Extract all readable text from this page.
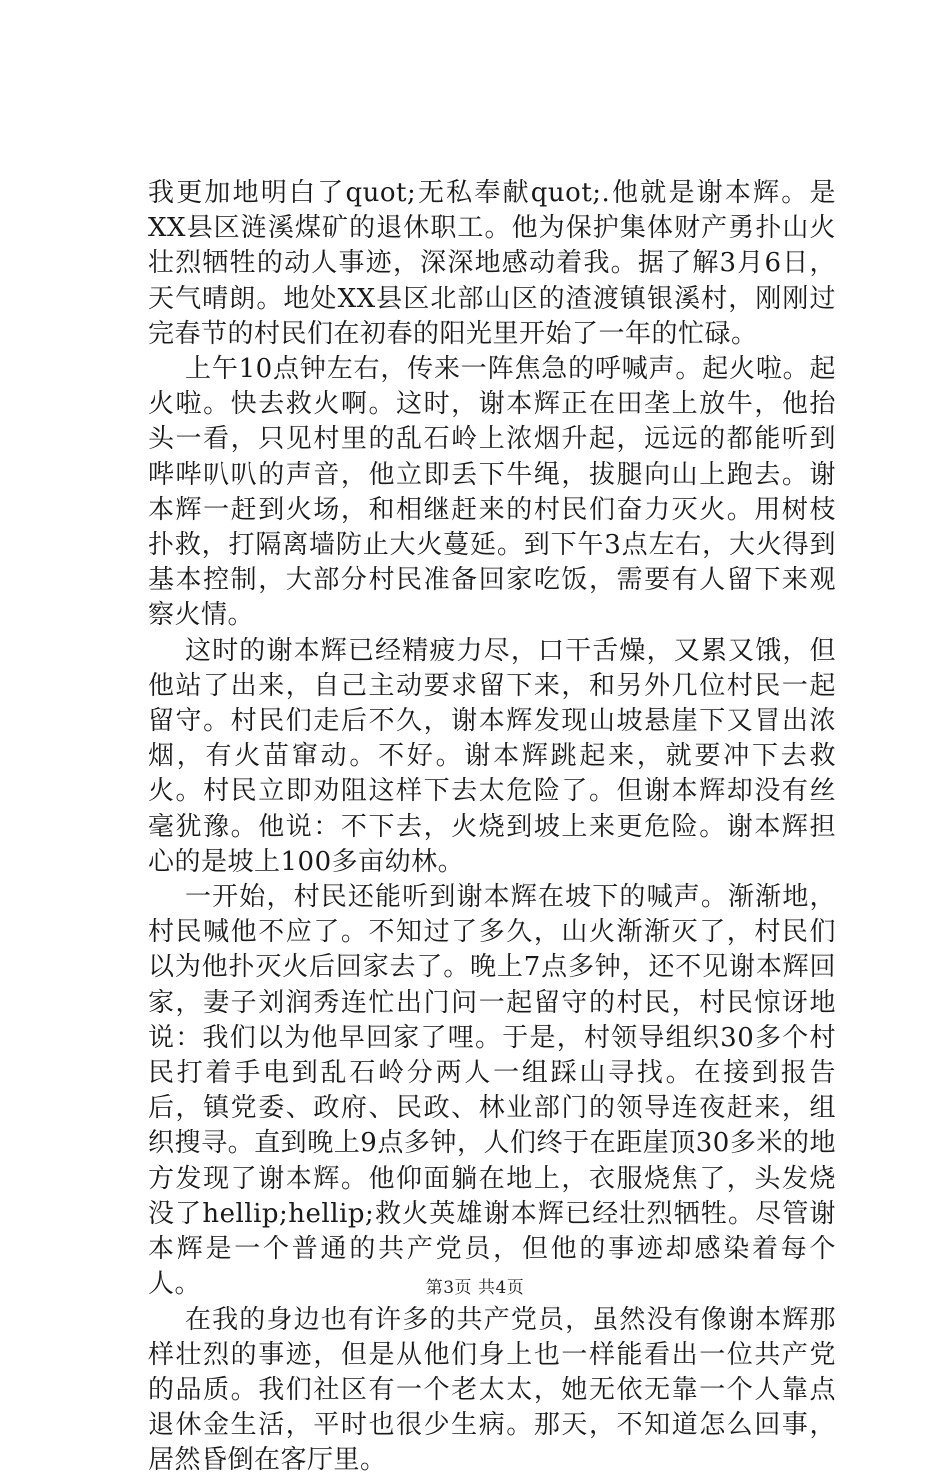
我更加地明白了quot;无私奉献quot;.他就是谢本辉。是XX县区涟溪煤矿的退休职工。他为保护集体财产勇扑山火壮烈牺牲的动人事迹，深深地感动着我。据了解3月6日，天气晴朗。地处XX县区北部山区的渣渡镇银溪村，刚刚过完春节的村民们在初春的阳光里开始了一年的忙碌。

上午10点钟左右，传来一阵焦急的呼喊声。起火啦。起火啦。快去救火啊。这时，谢本辉正在田垄上放牛，他抬头一看，只见村里的乱石岭上浓烟升起，远远的都能听到哔哔叭叭的声音，他立即丢下牛绳，拔腿向山上跑去。谢本辉一赶到火场，和相继赶来的村民们奋力灭火。用树枝扑救，打隔离墙防止大火蔓延。到下午3点左右，大火得到基本控制，大部分村民准备回家吃饭，需要有人留下来观察火情。

这时的谢本辉已经精疲力尽，口干舌燥，又累又饿，但他站了出来，自己主动要求留下来，和另外几位村民一起留守。村民们走后不久，谢本辉发现山坡悬崖下又冒出浓烟，有火苗窜动。不好。谢本辉跳起来，就要冲下去救火。村民立即劝阻这样下去太危险了。但谢本辉却没有丝毫犹豫。他说：不下去，火烧到坡上来更危险。谢本辉担心的是坡上100多亩幼林。

一开始，村民还能听到谢本辉在坡下的喊声。渐渐地，村民喊他不应了。不知过了多久，山火渐渐灭了，村民们以为他扑灭火后回家去了。晚上7点多钟，还不见谢本辉回家，妻子刘润秀连忙出门问一起留守的村民，村民惊讶地说：我们以为他早回家了哩。于是，村领导组织30多个村民打着手电到乱石岭分两人一组踩山寻找。在接到报告后，镇党委、政府、民政、林业部门的领导连夜赶来，组织搜寻。直到晚上9点多钟，人们终于在距崖顶30多米的地方发现了谢本辉。他仰面躺在地上，衣服烧焦了，头发烧没了hellip;hellip;救火英雄谢本辉已经壮烈牺牲。尽管谢本辉是一个普通的共产党员，但他的事迹却感染着每个人。

在我的身边也有许多的共产党员，虽然没有像谢本辉那样壮烈的事迹，但是从他们身上也一样能看出一位共产党的品质。我们社区有一个老太太，她无依无靠一个人靠点退休金生活，平时也很少生病。那天，不知道怎么回事，居然昏倒在客厅里。

第3页 共4页
